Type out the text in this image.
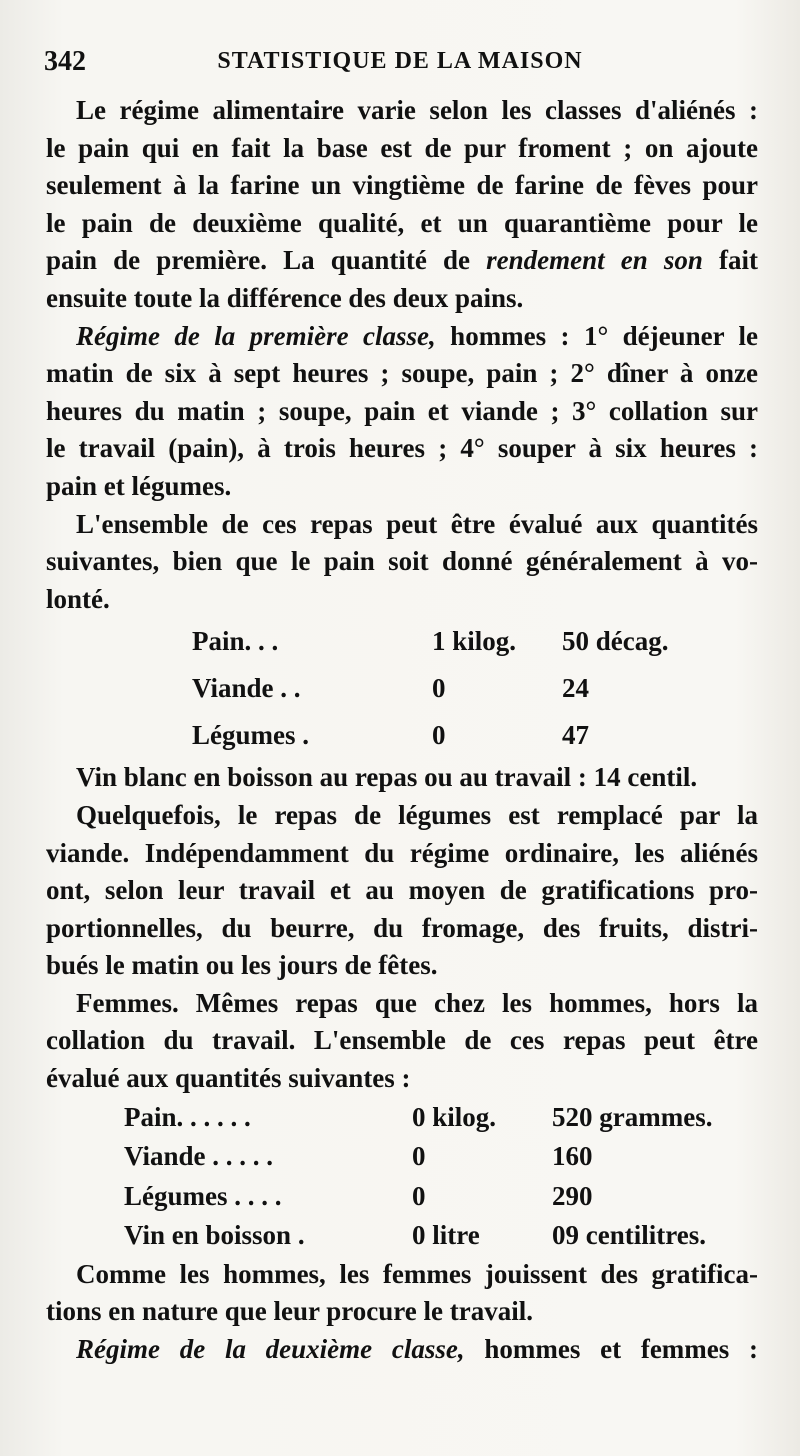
342	STATISTIQUE DE LA MAISON
Le régime alimentaire varie selon les classes d'aliénés :
le pain qui en fait la base est de pur froment ; on ajoute
seulement à la farine un vingtième de farine de fèves pour
le pain de deuxième qualité, et un quarantième pour le
pain de première. La quantité de rendement en son fait
ensuite toute la différence des deux pains.
Régime de la première classe, hommes : 1° déjeuner le
matin de six à sept heures ; soupe, pain ; 2° dîner à onze
heures du matin ; soupe, pain et viande ; 3° collation sur
le travail (pain), à trois heures ; 4° souper à six heures :
pain et légumes.
L'ensemble de ces repas peut être évalué aux quantités
suivantes, bien que le pain soit donné généralement à vo-
lonté.
Pain. . .	1 kilog.	50 décag.
Viande . .	0	24
Légumes .	0	47
Vin blanc en boisson au repas ou au travail : 14 centil.
Quelquefois, le repas de légumes est remplacé par la
viande. Indépendamment du régime ordinaire, les aliénés
ont, selon leur travail et au moyen de gratifications pro-
portionnelles, du beurre, du fromage, des fruits, distri-
bués le matin ou les jours de fêtes.
Femmes. Mêmes repas que chez les hommes, hors la
collation du travail. L'ensemble de ces repas peut être
évalué aux quantités suivantes :
Pain. . . . . .	0 kilog.	520 grammes.
Viande . . . . .	0	160
Légumes . . . .	0	290
Vin en boisson .	0 litre	09 centilitres.
Comme les hommes, les femmes jouissent des gratifica-
tions en nature que leur procure le travail.
Régime de la deuxième classe, hommes et femmes :
